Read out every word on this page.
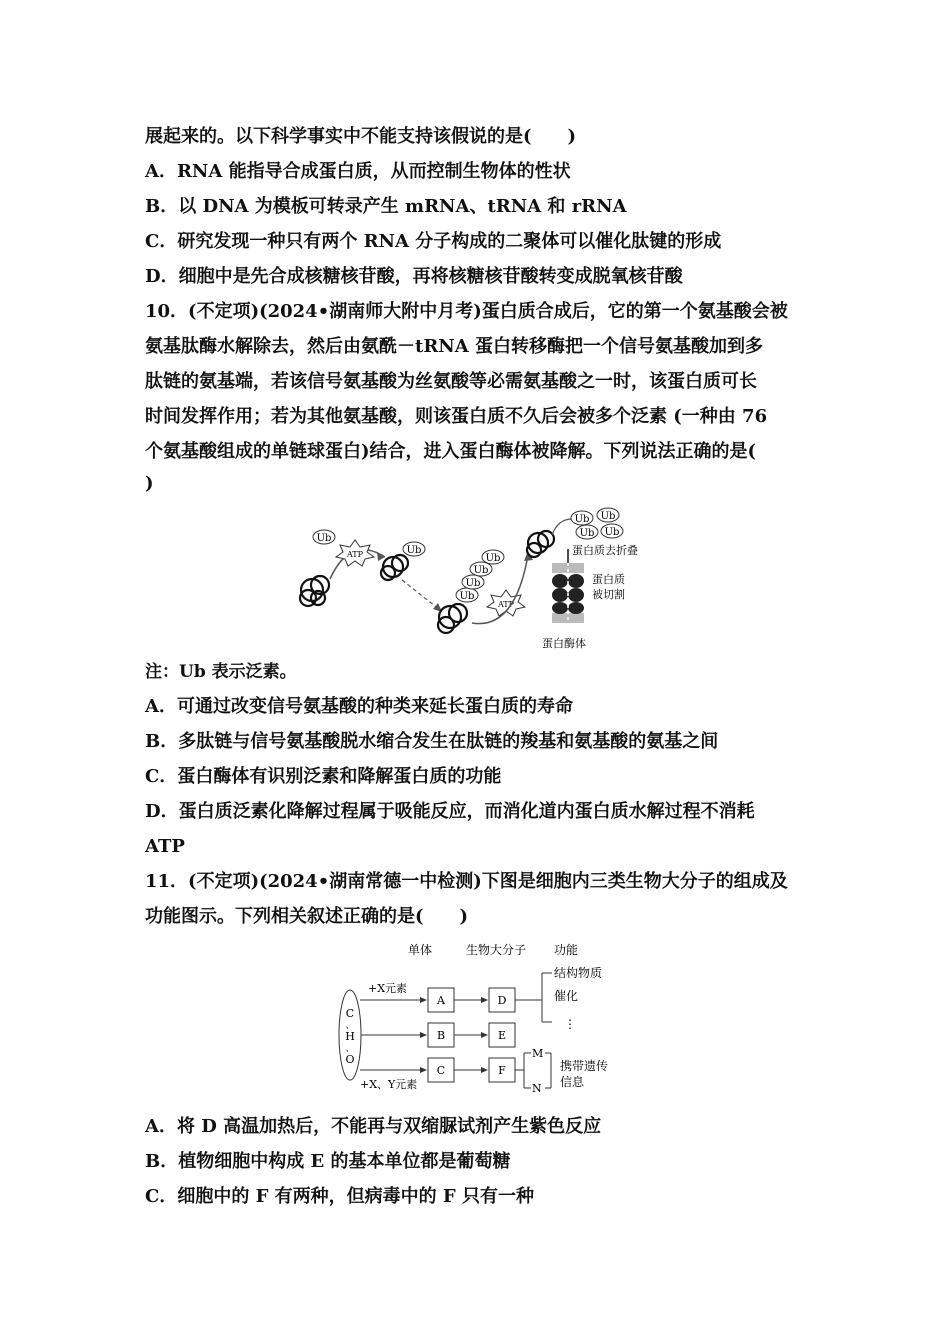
展起来的。以下科学事实中不能支持该假说的是(　　)
A．RNA 能指导合成蛋白质，从而控制生物体的性状
B．以 DNA 为模板可转录产生 mRNA、tRNA 和 rRNA
C．研究发现一种只有两个 RNA 分子构成的二聚体可以催化肽键的形成
D．细胞中是先合成核糖核苷酸，再将核糖核苷酸转变成脱氧核苷酸
10．(不定项)(2024•湖南师大附中月考)蛋白质合成后，它的第一个氨基酸会被
氨基肽酶水解除去，然后由氨酰－tRNA 蛋白转移酶把一个信号氨基酸加到多
肽链的氨基端，若该信号氨基酸为丝氨酸等必需氨基酸之一时，该蛋白质可长
时间发挥作用；若为其他氨基酸，则该蛋白质不久后会被多个泛素 (一种由 76
个氨基酸组成的单链球蛋白)结合，进入蛋白酶体被降解。下列说法正确的是(
)
Ub
ATP	Ub
Ub
Ub
Ub
Ub
ATP
Ub Ub
Ub Ub
蛋白质去折叠
蛋白质
被切割
蛋白酶体
注：Ub 表示泛素。
A．可通过改变信号氨基酸的种类来延长蛋白质的寿命
B．多肽链与信号氨基酸脱水缩合发生在肽链的羧基和氨基酸的氨基之间
C．蛋白酶体有识别泛素和降解蛋白质的功能
D．蛋白质泛素化降解过程属于吸能反应，而消化道内蛋白质水解过程不消耗
ATP
11．(不定项)(2024•湖南常德一中检测)下图是细胞内三类生物大分子的组成及
功能图示。下列相关叙述正确的是(　　)
单体	生物大分子 功能
C
、
H
、
O
+X元素
+X、Y元素
A
B
C
D
E
F
结构物质
催化
⋮
M
N
携带遗传
信息
A．将 D 高温加热后，不能再与双缩脲试剂产生紫色反应
B．植物细胞中构成 E 的基本单位都是葡萄糖
C．细胞中的 F 有两种，但病毒中的 F 只有一种
